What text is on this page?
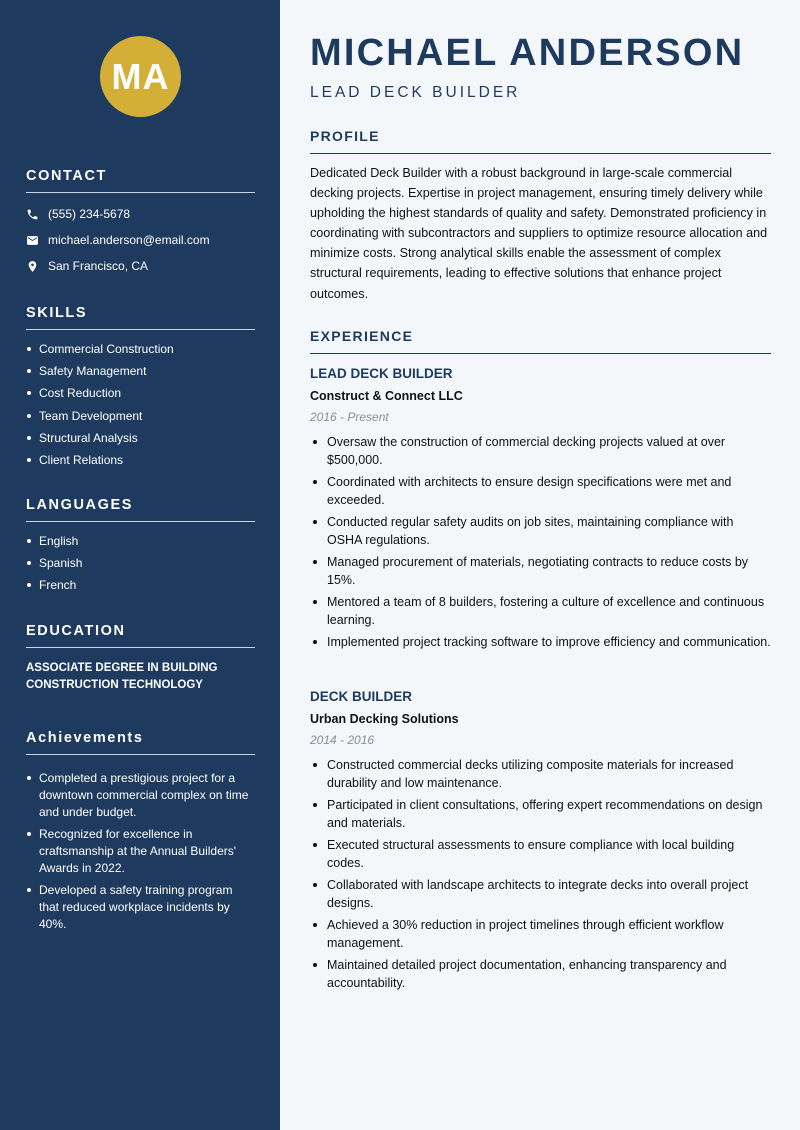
MA
CONTACT
(555) 234-5678
michael.anderson@email.com
San Francisco, CA
SKILLS
Commercial Construction
Safety Management
Cost Reduction
Team Development
Structural Analysis
Client Relations
LANGUAGES
English
Spanish
French
EDUCATION
ASSOCIATE DEGREE IN BUILDING CONSTRUCTION TECHNOLOGY
Achievements
Completed a prestigious project for a downtown commercial complex on time and under budget.
Recognized for excellence in craftsmanship at the Annual Builders' Awards in 2022.
Developed a safety training program that reduced workplace incidents by 40%.
MICHAEL ANDERSON
LEAD DECK BUILDER
PROFILE

Dedicated Deck Builder with a robust background in large-scale commercial decking projects. Expertise in project management, ensuring timely delivery while upholding the highest standards of quality and safety. Demonstrated proficiency in coordinating with subcontractors and suppliers to optimize resource allocation and minimize costs. Strong analytical skills enable the assessment of complex structural requirements, leading to effective solutions that enhance project outcomes.

EXPERIENCE
LEAD DECK BUILDER
Construct & Connect LLC
2016 - Present
Oversaw the construction of commercial decking projects valued at over $500,000.
Coordinated with architects to ensure design specifications were met and exceeded.
Conducted regular safety audits on job sites, maintaining compliance with OSHA regulations.
Managed procurement of materials, negotiating contracts to reduce costs by 15%.
Mentored a team of 8 builders, fostering a culture of excellence and continuous learning.
Implemented project tracking software to improve efficiency and communication.
DECK BUILDER
Urban Decking Solutions
2014 - 2016
Constructed commercial decks utilizing composite materials for increased durability and low maintenance.
Participated in client consultations, offering expert recommendations on design and materials.
Executed structural assessments to ensure compliance with local building codes.
Collaborated with landscape architects to integrate decks into overall project designs.
Achieved a 30% reduction in project timelines through efficient workflow management.
Maintained detailed project documentation, enhancing transparency and accountability.
